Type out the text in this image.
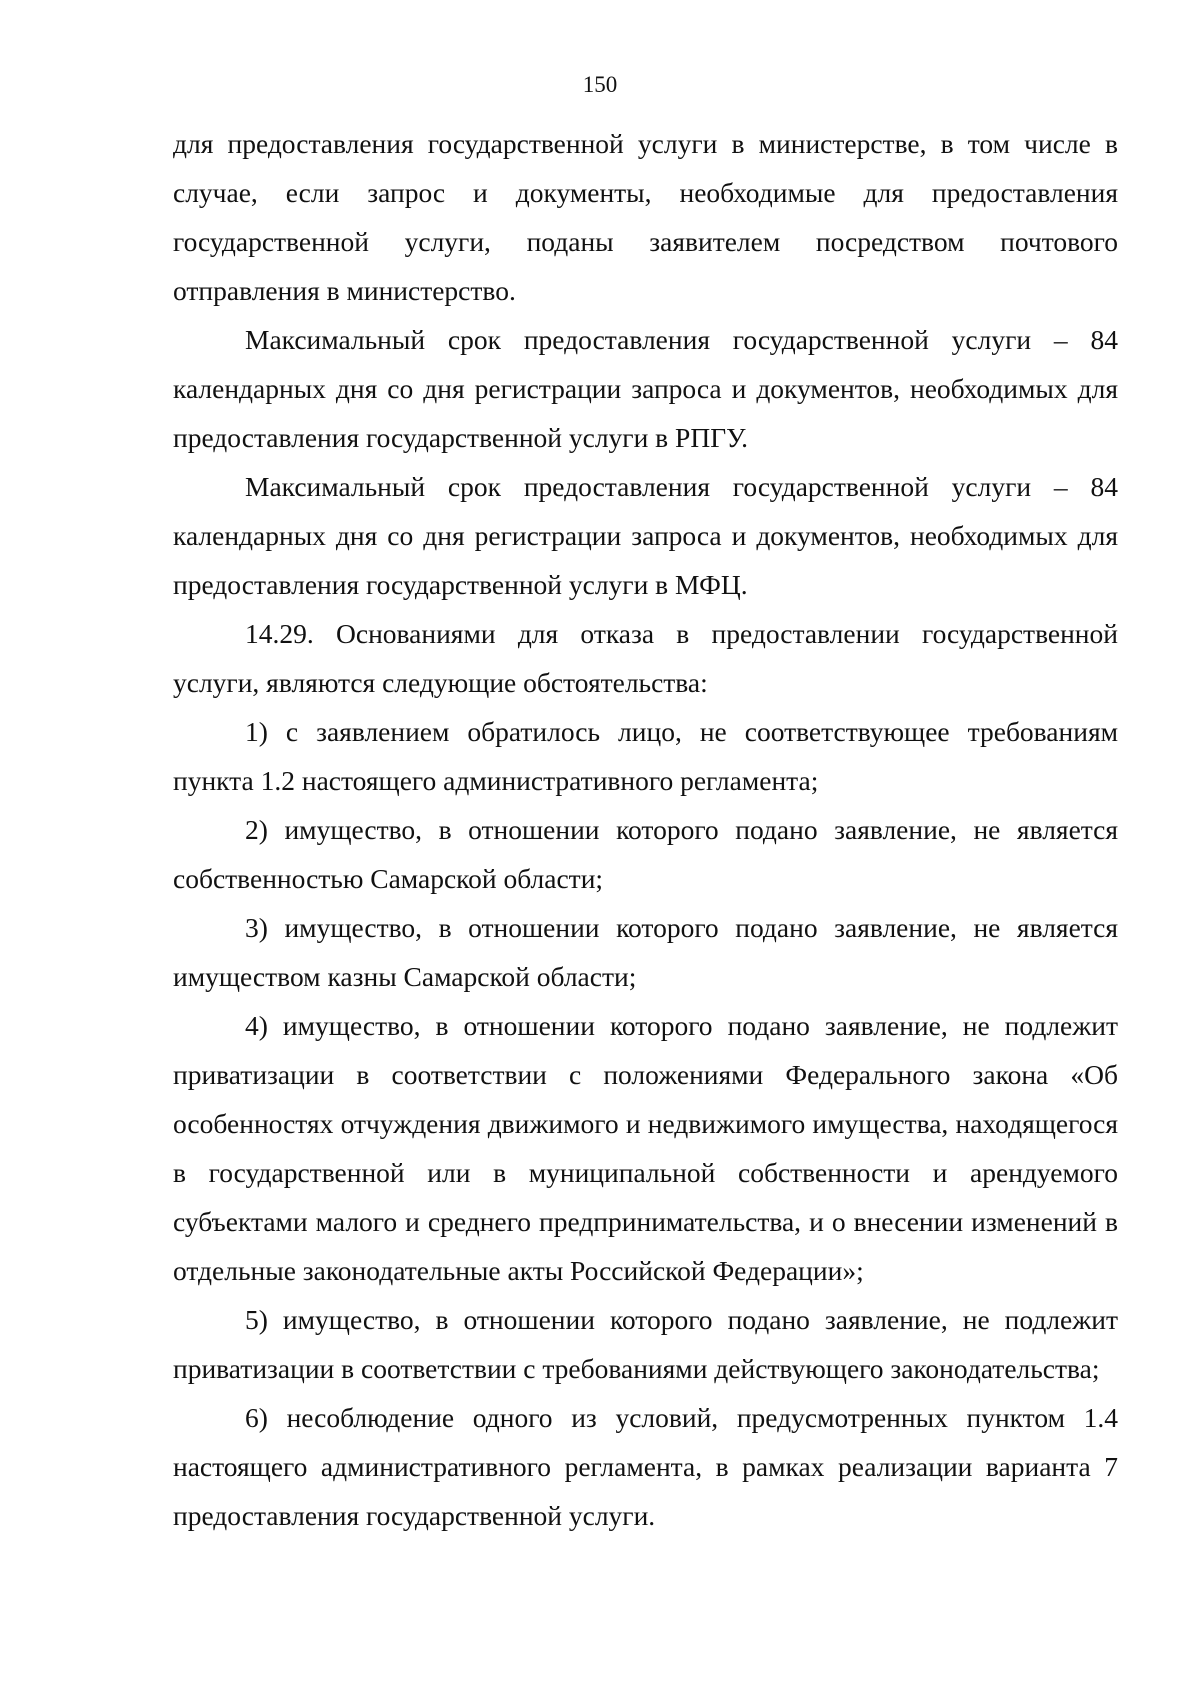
150

для предоставления государственной услуги в министерстве, в том числе в случае, если запрос и документы, необходимые для предоставления государственной услуги, поданы заявителем посредством почтового отправления в министерство.

Максимальный срок предоставления государственной услуги – 84 календарных дня со дня регистрации запроса и документов, необходимых для предоставления государственной услуги в РПГУ.

Максимальный срок предоставления государственной услуги – 84 календарных дня со дня регистрации запроса и документов, необходимых для предоставления государственной услуги в МФЦ.

14.29. Основаниями для отказа в предоставлении государственной услуги, являются следующие обстоятельства:

1) с заявлением обратилось лицо, не соответствующее требованиям пункта 1.2 настоящего административного регламента;

2) имущество, в отношении которого подано заявление, не является собственностью Самарской области;

3) имущество, в отношении которого подано заявление, не является имуществом казны Самарской области;

4) имущество, в отношении которого подано заявление, не подлежит приватизации в соответствии с положениями Федерального закона «Об особенностях отчуждения движимого и недвижимого имущества, находящегося в государственной или в муниципальной собственности и арендуемого субъектами малого и среднего предпринимательства, и о внесении изменений в отдельные законодательные акты Российской Федерации»;

5) имущество, в отношении которого подано заявление, не подлежит приватизации в соответствии с требованиями действующего законодательства;

6) несоблюдение одного из условий, предусмотренных пунктом 1.4 настоящего административного регламента, в рамках реализации варианта 7 предоставления государственной услуги.
